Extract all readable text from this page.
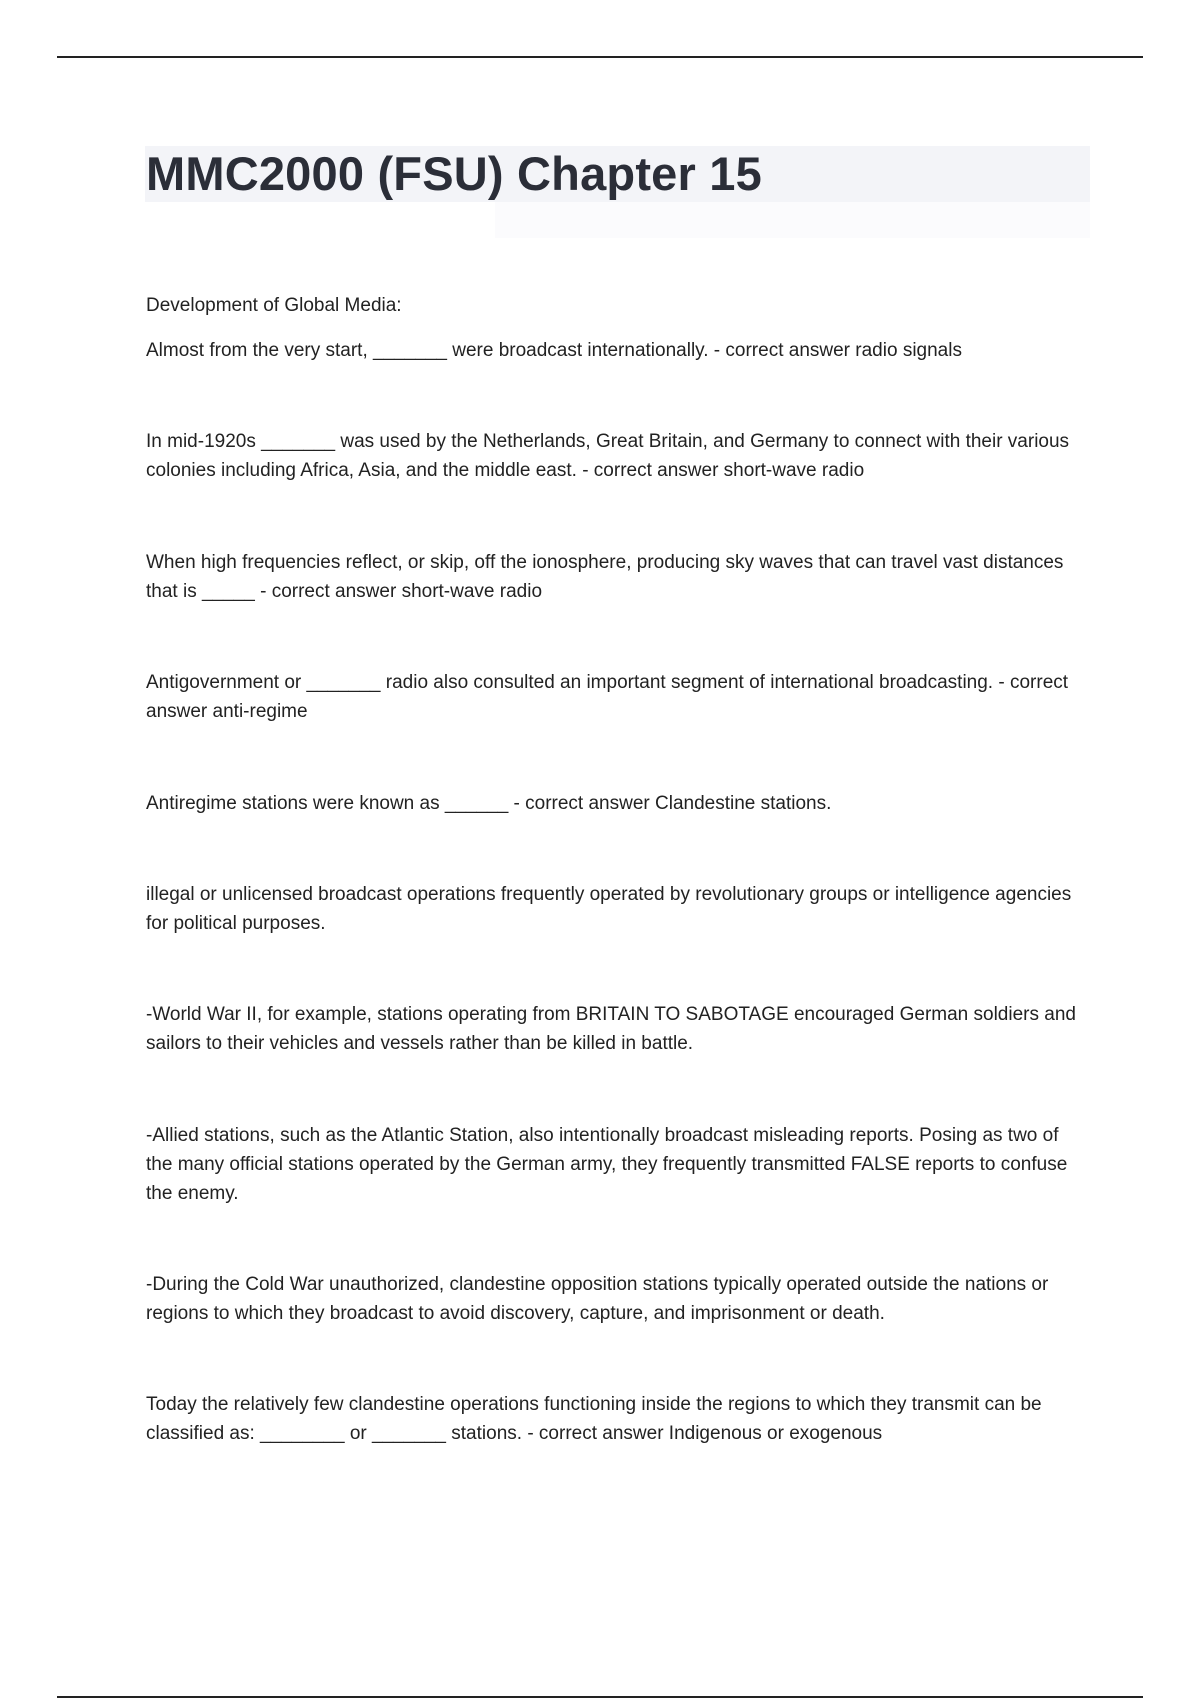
MMC2000 (FSU) Chapter 15

Development of Global Media:

Almost from the very start, _______ were broadcast internationally. - correct answer radio signals

In mid-1920s _______ was used by the Netherlands, Great Britain, and Germany to connect with their various colonies including Africa, Asia, and the middle east. - correct answer short-wave radio

When high frequencies reflect, or skip, off the ionosphere, producing sky waves that can travel vast distances that is _____ - correct answer short-wave radio

Antigovernment or _______ radio also consulted an important segment of international broadcasting. - correct answer anti-regime

Antiregime stations were known as ______ - correct answer Clandestine stations.

illegal or unlicensed broadcast operations frequently operated by revolutionary groups or intelligence agencies for political purposes.

-World War II, for example, stations operating from BRITAIN TO SABOTAGE encouraged German soldiers and sailors to their vehicles and vessels rather than be killed in battle.

-Allied stations, such as the Atlantic Station, also intentionally broadcast misleading reports. Posing as two of the many official stations operated by the German army, they frequently transmitted FALSE reports to confuse the enemy.

-During the Cold War unauthorized, clandestine opposition stations typically operated outside the nations or regions to which they broadcast to avoid discovery, capture, and imprisonment or death.

Today the relatively few clandestine operations functioning inside the regions to which they transmit can be classified as: ________ or _______ stations. - correct answer Indigenous or exogenous
